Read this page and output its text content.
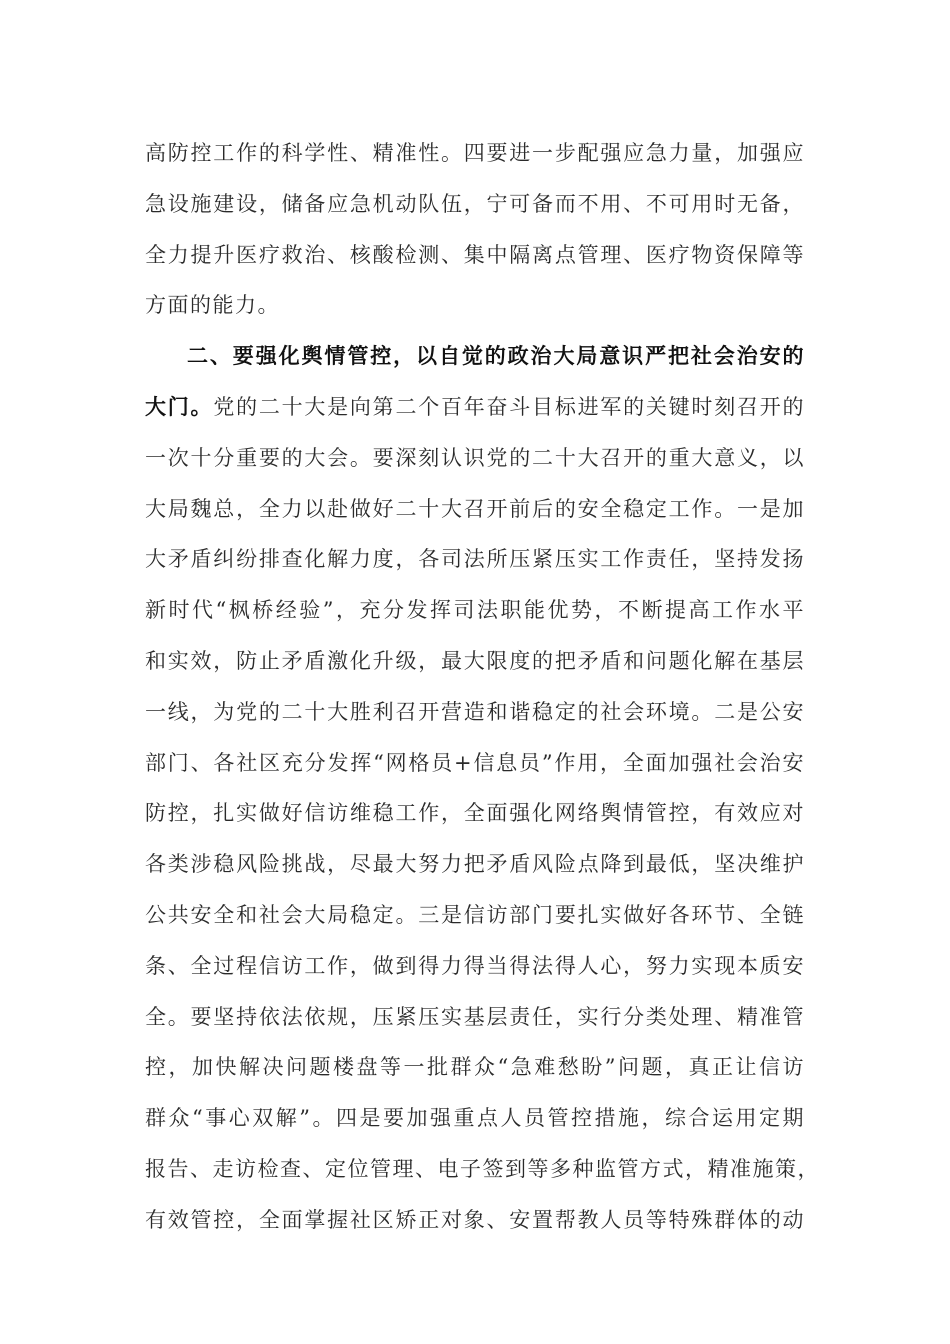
高防控工作的科学性、精准性。四要进一步配强应急力量，加强应
急设施建设，储备应急机动队伍，宁可备而不用、不可用时无备，
全力提升医疗救治、核酸检测、集中隔离点管理、医疗物资保障等
方面的能力。
二、要强化舆情管控，以自觉的政治大局意识严把社会治安的
大门。党的二十大是向第二个百年奋斗目标进军的关键时刻召开的
一次十分重要的大会。要深刻认识党的二十大召开的重大意义，以
大局魏总，全力以赴做好二十大召开前后的安全稳定工作。一是加
大矛盾纠纷排查化解力度，各司法所压紧压实工作责任，坚持发扬
新时代“枫桥经验”，充分发挥司法职能优势，不断提高工作水平
和实效，防止矛盾激化升级，最大限度的把矛盾和问题化解在基层
一线，为党的二十大胜利召开营造和谐稳定的社会环境。二是公安
部门、各社区充分发挥“网格员+信息员”作用，全面加强社会治安
防控，扎实做好信访维稳工作，全面强化网络舆情管控，有效应对
各类涉稳风险挑战，尽最大努力把矛盾风险点降到最低，坚决维护
公共安全和社会大局稳定。三是信访部门要扎实做好各环节、全链
条、全过程信访工作，做到得力得当得法得人心，努力实现本质安
全。要坚持依法依规，压紧压实基层责任，实行分类处理、精准管
控，加快解决问题楼盘等一批群众“急难愁盼”问题，真正让信访
群众“事心双解”。四是要加强重点人员管控措施，综合运用定期
报告、走访检查、定位管理、电子签到等多种监管方式，精准施策，
有效管控，全面掌握社区矫正对象、安置帮教人员等特殊群体的动
